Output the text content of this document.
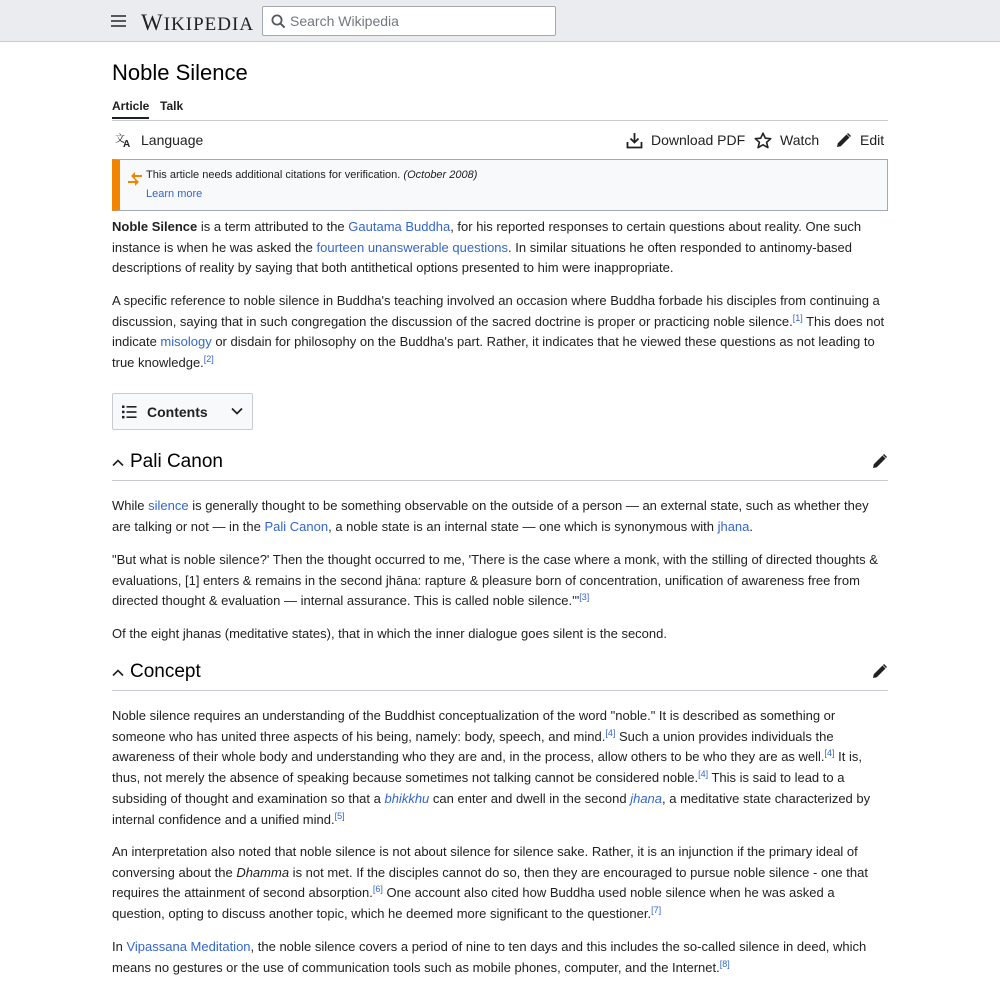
WIKIPEDIA
Search Wikipedia
Noble Silence
Article Talk
文
A Language	Download PDF Watch	Edit
This article needs additional citations for verification. (October 2008)
Learn more

Noble Silence is a term attributed to the Gautama Buddha, for his reported responses to certain questions about reality. One such instance is when he was asked the fourteen unanswerable questions. In similar situations he often responded to antinomy-based descriptions of reality by saying that both antithetical options presented to him were inappropriate.

A specific reference to noble silence in Buddha's teaching involved an occasion where Buddha forbade his disciples from continuing a discussion, saying that in such congregation the discussion of the sacred doctrine is proper or practicing noble silence.[1] This does not indicate misology or disdain for philosophy on the Buddha's part. Rather, it indicates that he viewed these questions as not leading to true knowledge.[2]

Contents
Pali Canon

While silence is generally thought to be something observable on the outside of a person — an external state, such as whether they are talking or not — in the Pali Canon, a noble state is an internal state — one which is synonymous with jhana.

"But what is noble silence?' Then the thought occurred to me, 'There is the case where a monk, with the stilling of directed thoughts & evaluations, [1] enters & remains in the second jhāna: rapture & pleasure born of concentration, unification of awareness free from directed thought & evaluation — internal assurance. This is called noble silence.'"[3]

Of the eight jhanas (meditative states), that in which the inner dialogue goes silent is the second.

Concept

Noble silence requires an understanding of the Buddhist conceptualization of the word "noble." It is described as something or someone who has united three aspects of his being, namely: body, speech, and mind.[4] Such a union provides individuals the awareness of their whole body and understanding who they are and, in the process, allow others to be who they are as well.[4] It is, thus, not merely the absence of speaking because sometimes not talking cannot be considered noble.[4] This is said to lead to a subsiding of thought and examination so that a bhikkhu can enter and dwell in the second jhana, a meditative state characterized by internal confidence and a unified mind.[5]

An interpretation also noted that noble silence is not about silence for silence sake. Rather, it is an injunction if the primary ideal of conversing about the Dhamma is not met. If the disciples cannot do so, then they are encouraged to pursue noble silence - one that requires the attainment of second absorption.[6] One account also cited how Buddha used noble silence when he was asked a question, opting to discuss another topic, which he deemed more significant to the questioner.[7]

In Vipassana Meditation, the noble silence covers a period of nine to ten days and this includes the so-called silence in deed, which means no gestures or the use of communication tools such as mobile phones, computer, and the Internet.[8]
